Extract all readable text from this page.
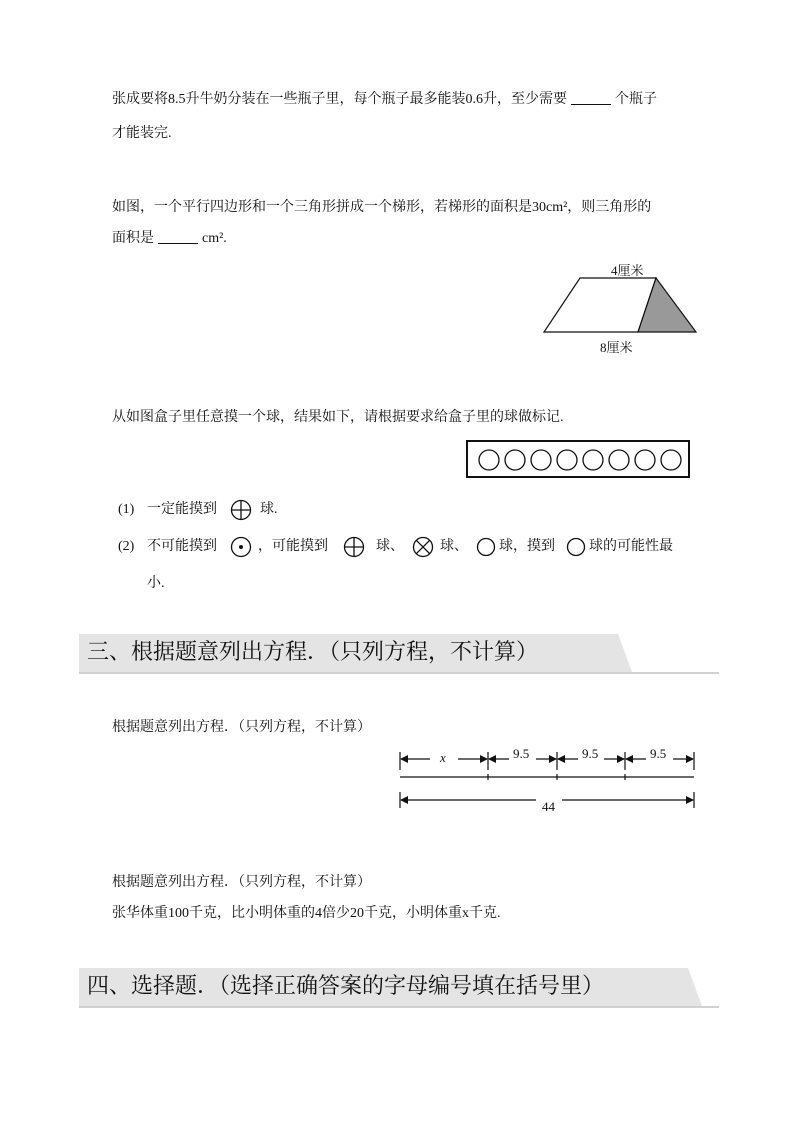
张成要将8.5升牛奶分装在一些瓶子里，每个瓶子最多能装0.6升，至少需要	个瓶子
才能装完.
如图，一个平行四边形和一个三角形拼成一个梯形，若梯形的面积是30cm²，则三角形的
面积是	cm².
4厘米
8厘米
从如图盒子里任意摸一个球，结果如下，请根据要求给盒子里的球做标记.
(1) 一定能摸到	球.
(2) 不可能摸到	，可能摸到	球、	球、 球，摸到 球的可能性最
小.
三、根据题意列出方程．（只列方程，不计算）
根据题意列出方程．（只列方程，不计算）
x	9.5	9.5	9.5
44
根据题意列出方程．（只列方程，不计算）
张华体重100千克，比小明体重的4倍少20千克，小明体重x千克.
四、选择题．（选择正确答案的字母编号填在括号里）
